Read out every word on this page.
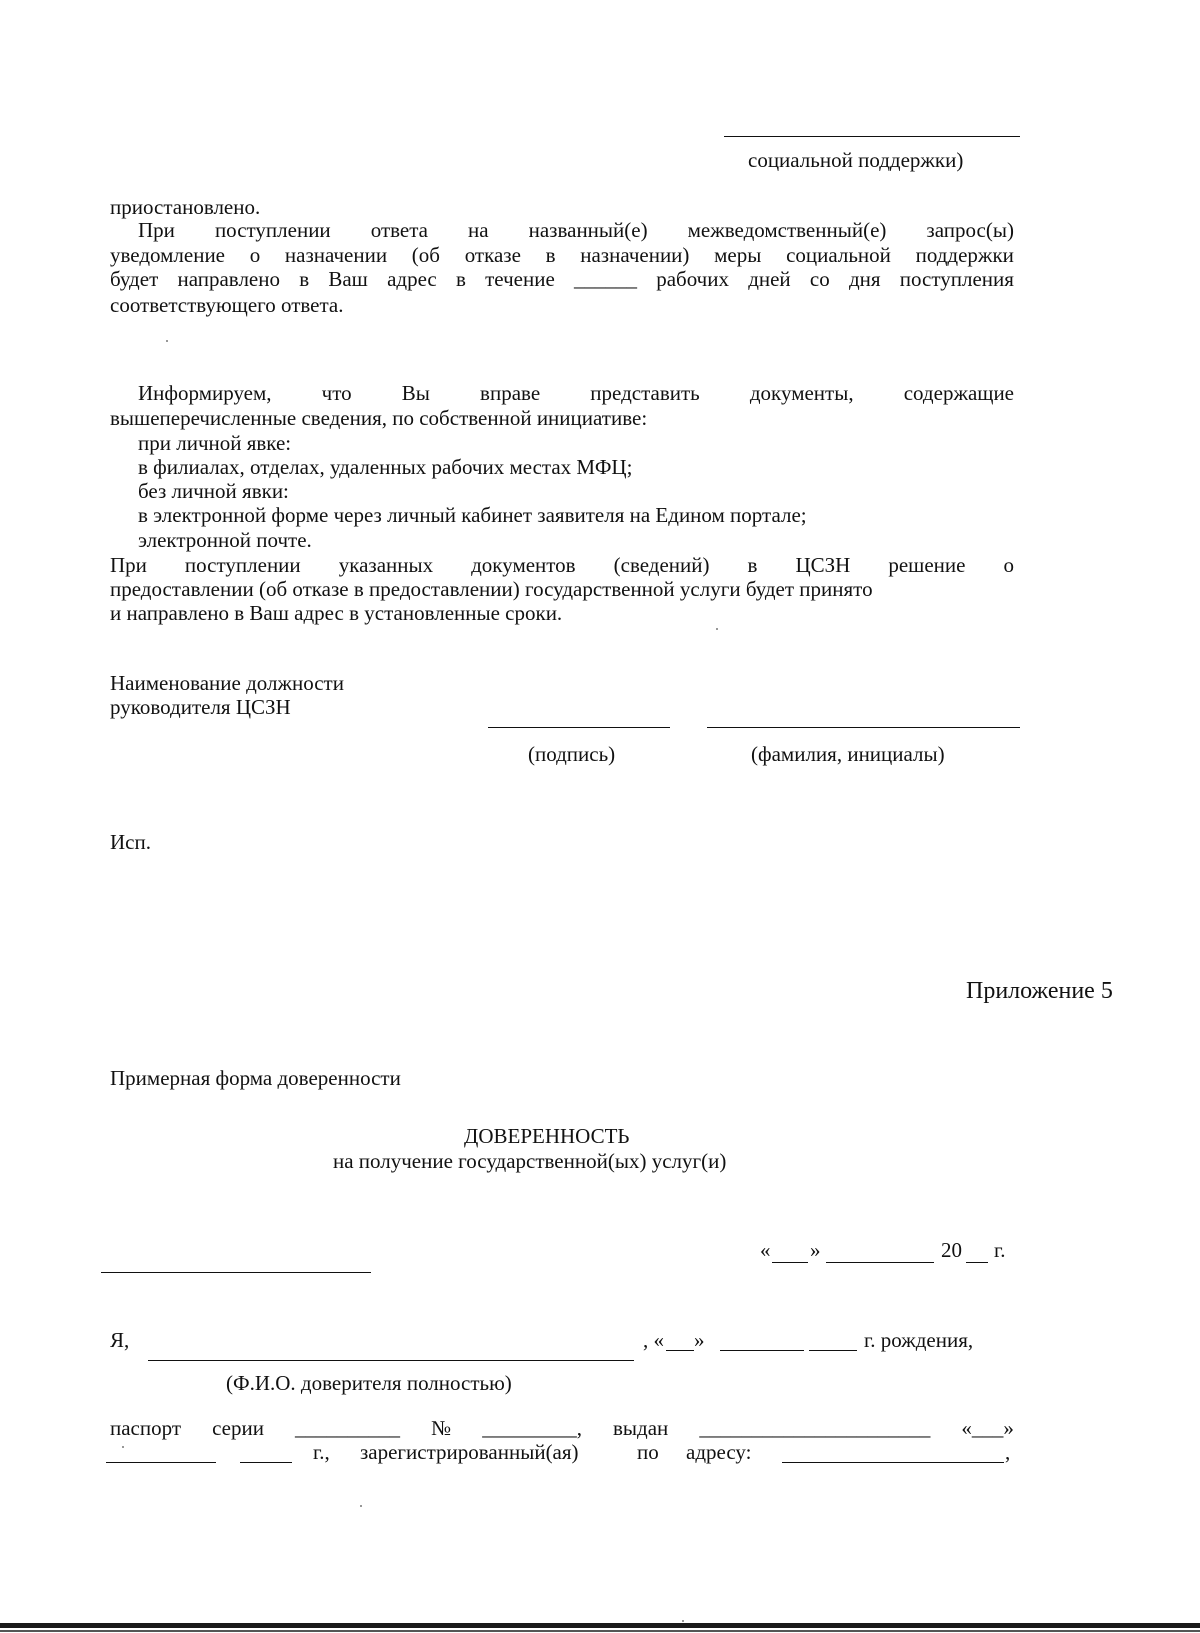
социальной поддержки)
приостановлено.
При поступлении ответа на названный(е) межведомственный(е) запрос(ы)
уведомление о назначении (об отказе в назначении) меры социальной поддержки
будет направлено в Ваш адрес в течение ______ рабочих дней со дня поступления
соответствующего ответа.
Информируем, что Вы вправе представить документы, содержащие
вышеперечисленные сведения, по собственной инициативе:
при личной явке:
в филиалах, отделах, удаленных рабочих местах МФЦ;
без личной явки:
в электронной форме через личный кабинет заявителя на Едином портале;
электронной почте.
При поступлении указанных документов (сведений) в ЦСЗН решение о
предоставлении (об отказе в предоставлении) государственной услуги будет принято
и направлено в Ваш адрес в установленные сроки.
Наименование должности
руководителя ЦСЗН
(подпись)	(фамилия, инициалы)
Исп.
Приложение 5
Примерная форма доверенности
ДОВЕРЕННОСТЬ
на получение государственной(ых) услуг(и)
« »	20 г.
Я,	, « »	г. рождения,
(Ф.И.О. доверителя полностью)
паспорт серии __________ № _________, выдан ______________________ «___»
г., зарегистрированный(ая)	по адресу:	,
